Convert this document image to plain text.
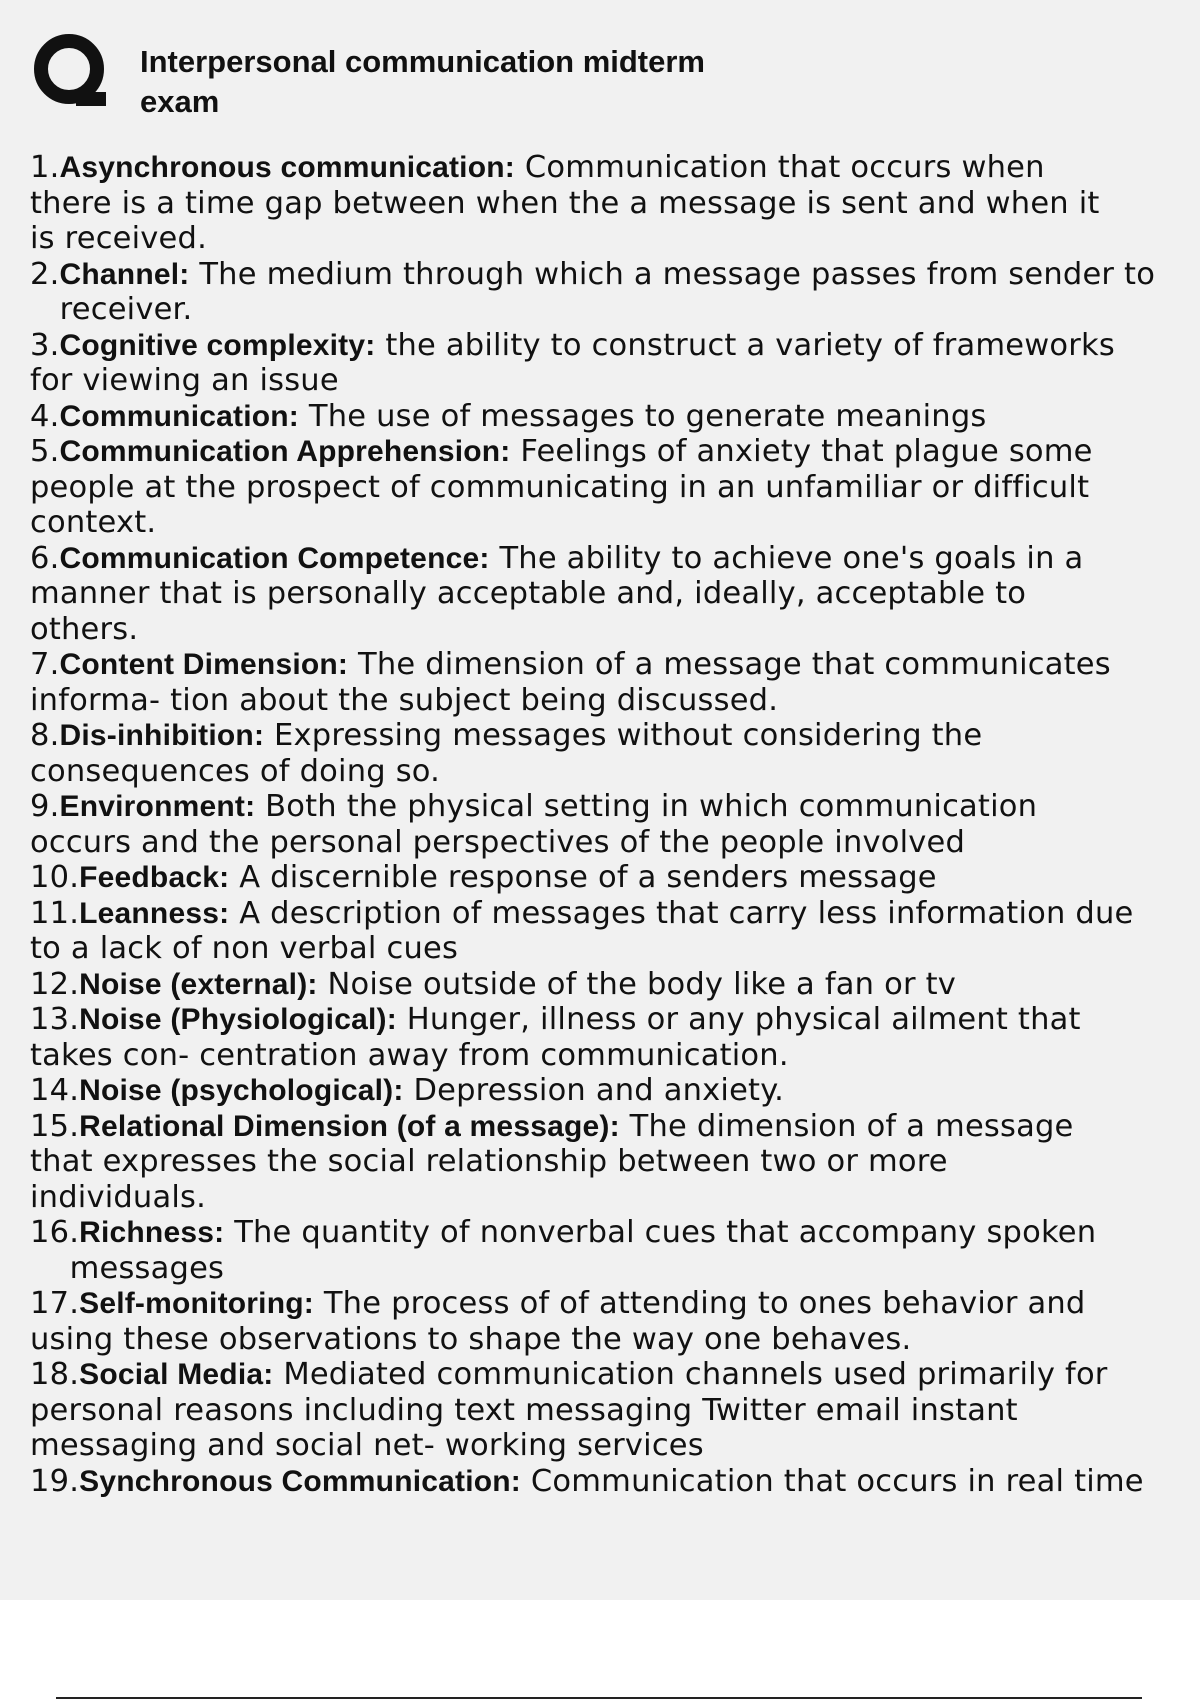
Interpersonal communication midterm exam
1.Asynchronous communication: Communication that occurs when
there is a time gap between when the a message is sent and when it
is received.
2.Channel: The medium through which a message passes from sender to
receiver.
3.Cognitive complexity: the ability to construct a variety of frameworks
for viewing an issue
4.Communication: The use of messages to generate meanings
5.Communication Apprehension: Feelings of anxiety that plague some
people at the prospect of communicating in an unfamiliar or difficult
context.
6.Communication Competence: The ability to achieve one's goals in a
manner that is personally acceptable and, ideally, acceptable to
others.
7.Content Dimension: The dimension of a message that communicates
informa- tion about the subject being discussed.
8.Dis-inhibition: Expressing messages without considering the
consequences of doing so.
9.Environment: Both the physical setting in which communication
occurs and the personal perspectives of the people involved
10.Feedback: A discernible response of a senders message
11.Leanness: A description of messages that carry less information due
to a lack of non verbal cues
12.Noise (external): Noise outside of the body like a fan or tv
13.Noise (Physiological): Hunger, illness or any physical ailment that
takes con- centration away from communication.
14.Noise (psychological): Depression and anxiety.
15.Relational Dimension (of a message): The dimension of a message
that expresses the social relationship between two or more
individuals.
16.Richness: The quantity of nonverbal cues that accompany spoken
messages
17.Self-monitoring: The process of of attending to ones behavior and
using these observations to shape the way one behaves.
18.Social Media: Mediated communication channels used primarily for
personal reasons including text messaging Twitter email instant
messaging and social net- working services
19.Synchronous Communication: Communication that occurs in real time
